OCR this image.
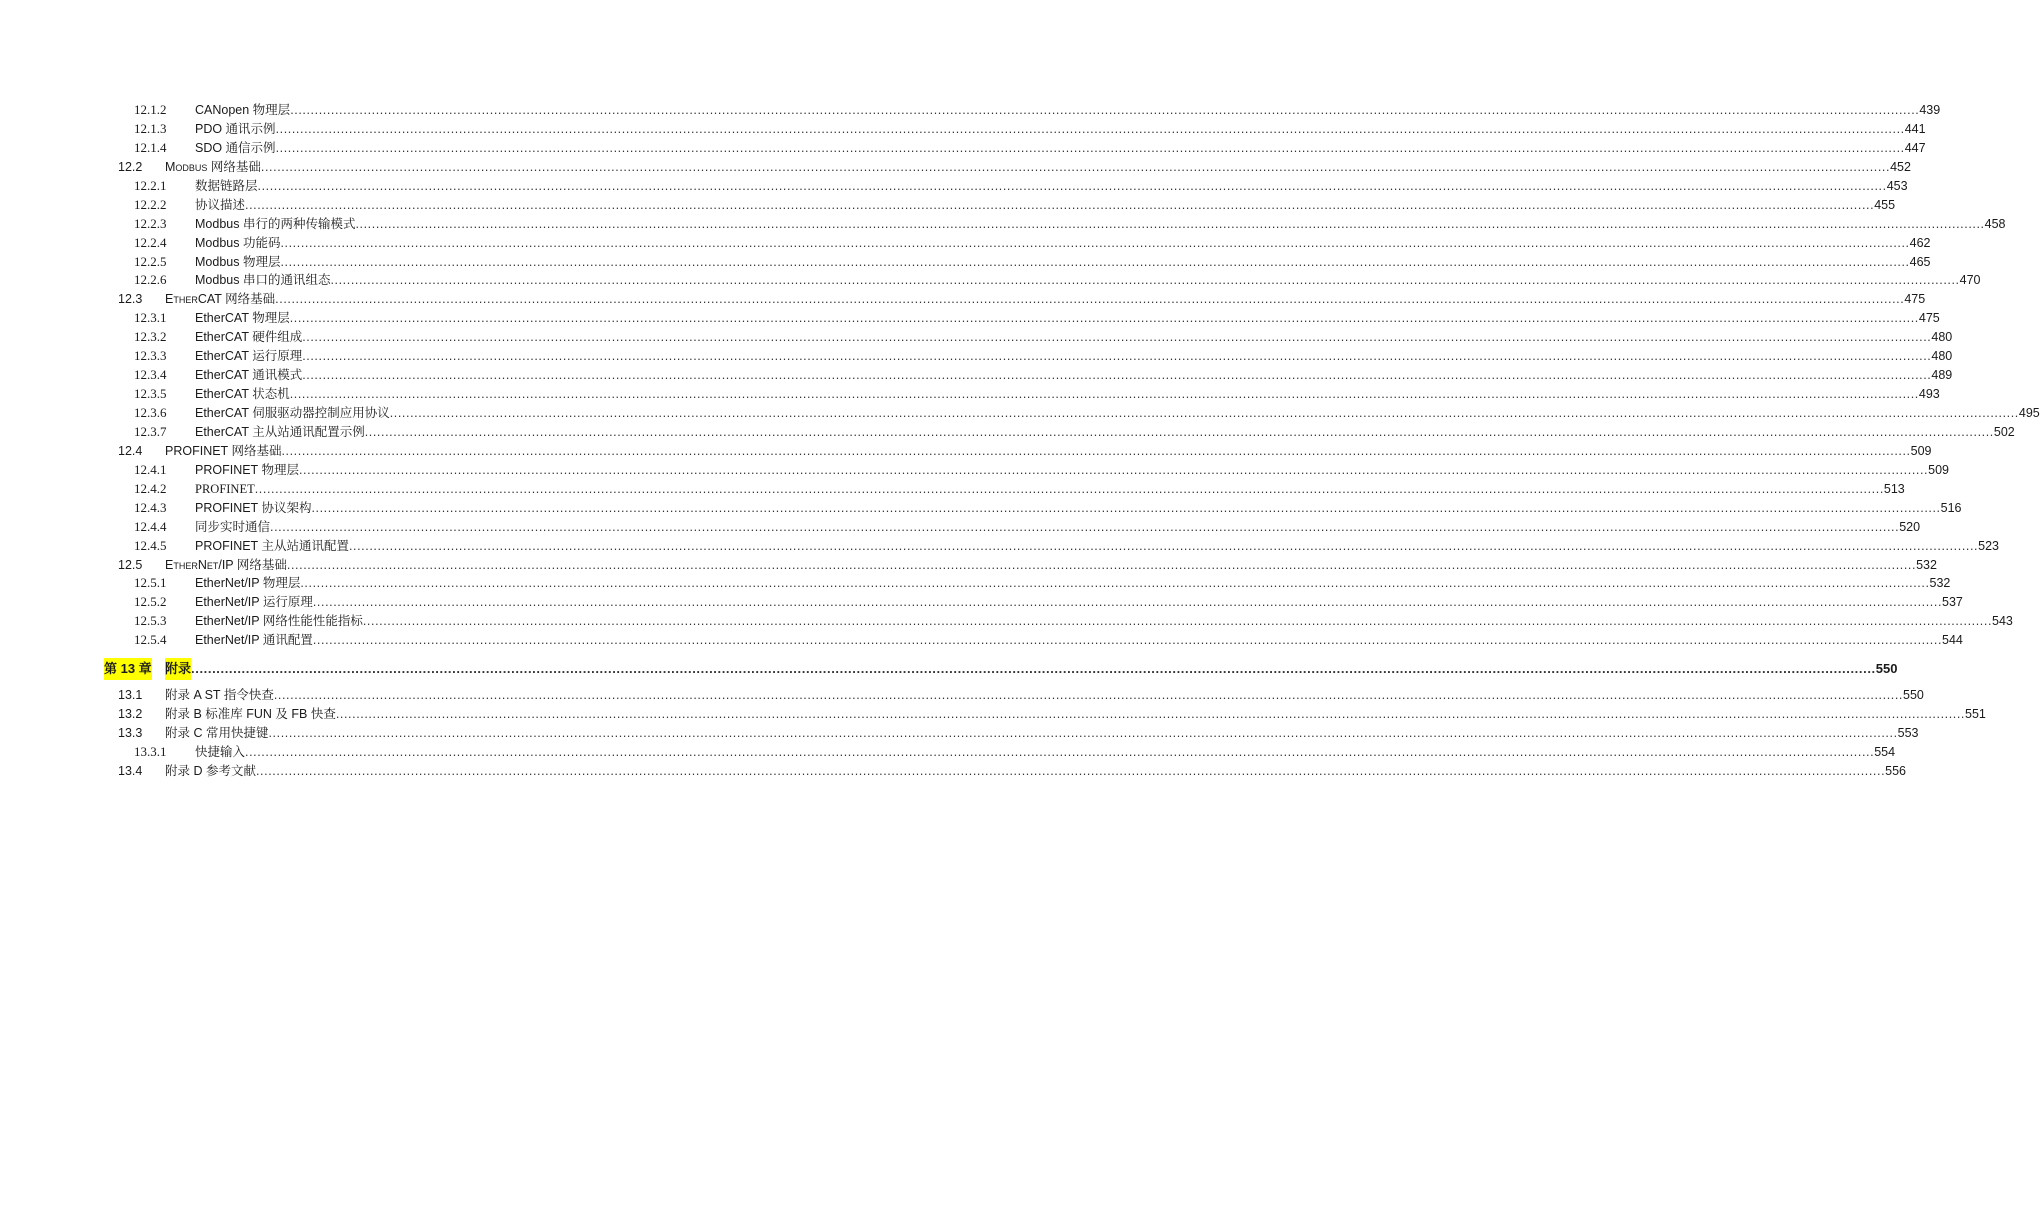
12.1.2 CANopen 物理层 ................................................................................................................................................................................................................................................................................................................................................................................................................ 439
12.1.3 PDO 通讯示例 ................................................................................................................................................................................................................................................................................................................................................................................................................ 441
12.1.4 SDO 通信示例 ................................................................................................................................................................................................................................................................................................................................................................................................................ 447
12.2 Modbus 网络基础 ................................................................................................................................................................................................................................................................................................................................................................................................................ 452
12.2.1 数据链路层 ................................................................................................................................................................................................................................................................................................................................................................................................................ 453
12.2.2 协议描述 ................................................................................................................................................................................................................................................................................................................................................................................................................ 455
12.2.3 Modbus 串行的两种传输模式 ................................................................................................................................................................................................................................................................................................................................................................................................................ 458
12.2.4 Modbus 功能码 ................................................................................................................................................................................................................................................................................................................................................................................................................ 462
12.2.5 Modbus 物理层 ................................................................................................................................................................................................................................................................................................................................................................................................................ 465
12.2.6 Modbus 串口的通讯组态 ................................................................................................................................................................................................................................................................................................................................................................................................................ 470
12.3 EtherCAT 网络基础 ................................................................................................................................................................................................................................................................................................................................................................................................................ 475
12.3.1 EtherCAT 物理层 ................................................................................................................................................................................................................................................................................................................................................................................................................ 475
12.3.2 EtherCAT 硬件组成 ................................................................................................................................................................................................................................................................................................................................................................................................................ 480
12.3.3 EtherCAT 运行原理 ................................................................................................................................................................................................................................................................................................................................................................................................................ 480
12.3.4 EtherCAT 通讯模式 ................................................................................................................................................................................................................................................................................................................................................................................................................ 489
12.3.5 EtherCAT 状态机 ................................................................................................................................................................................................................................................................................................................................................................................................................ 493
12.3.6 EtherCAT 伺服驱动器控制应用协议 ................................................................................................................................................................................................................................................................................................................................................................................................................ 495
12.3.7 EtherCAT 主从站通讯配置示例 ................................................................................................................................................................................................................................................................................................................................................................................................................ 502
12.4 PROFINET 网络基础 ................................................................................................................................................................................................................................................................................................................................................................................................................ 509
12.4.1 PROFINET 物理层 ................................................................................................................................................................................................................................................................................................................................................................................................................ 509
12.4.2 PROFINET ................................................................................................................................................................................................................................................................................................................................................................................................................ 513
12.4.3 PROFINET 协议架构 ................................................................................................................................................................................................................................................................................................................................................................................................................ 516
12.4.4 同步实时通信 ................................................................................................................................................................................................................................................................................................................................................................................................................ 520
12.4.5 PROFINET 主从站通讯配置 ................................................................................................................................................................................................................................................................................................................................................................................................................ 523
12.5 EtherNet/IP 网络基础 ................................................................................................................................................................................................................................................................................................................................................................................................................ 532
12.5.1 EtherNet/IP 物理层 ................................................................................................................................................................................................................................................................................................................................................................................................................ 532
12.5.2 EtherNet/IP 运行原理 ................................................................................................................................................................................................................................................................................................................................................................................................................ 537
12.5.3 EtherNet/IP 网络性能性能指标 ................................................................................................................................................................................................................................................................................................................................................................................................................ 543
12.5.4 EtherNet/IP 通讯配置 ................................................................................................................................................................................................................................................................................................................................................................................................................ 544
第 13 章 附录 ................................................................................................................................................................................................................................................................................................................................................................................................................ 550
13.1 附录 A ST 指令快查 ................................................................................................................................................................................................................................................................................................................................................................................................................ 550
13.2 附录 B 标准库 FUN 及 FB 快查 ................................................................................................................................................................................................................................................................................................................................................................................................................ 551
13.3 附录 C 常用快捷键 ................................................................................................................................................................................................................................................................................................................................................................................................................ 553
13.3.1 快捷输入 ................................................................................................................................................................................................................................................................................................................................................................................................................ 554
13.4 附录 D 参考文献 ................................................................................................................................................................................................................................................................................................................................................................................................................ 556
